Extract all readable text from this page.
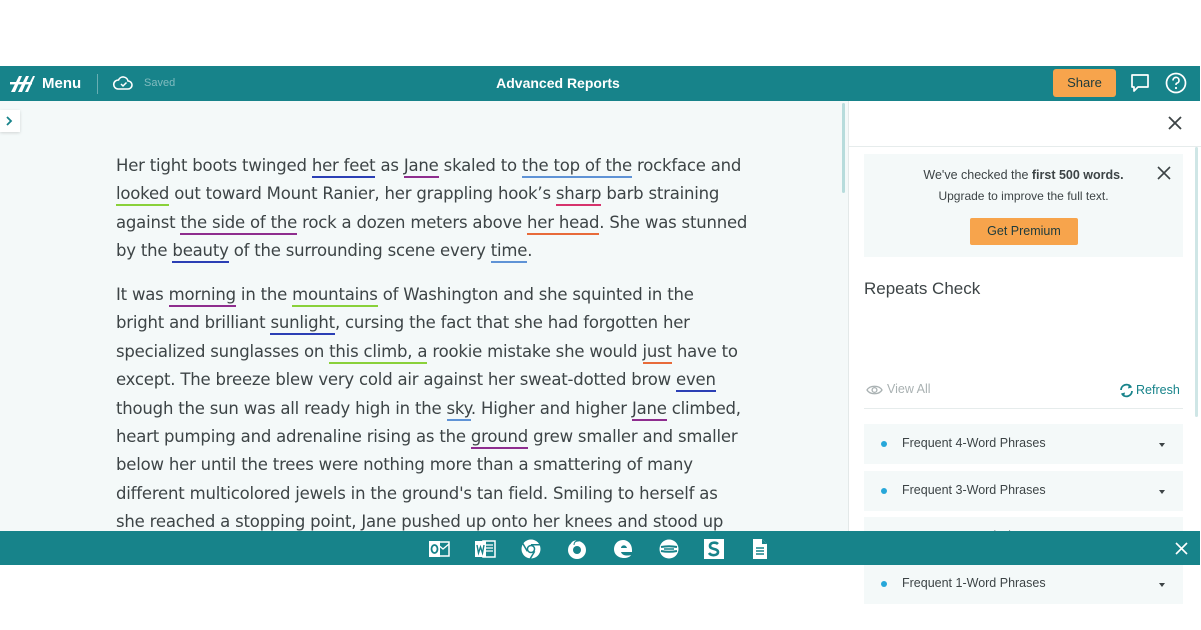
Menu	Saved	Advanced Reports	Share
Her tight boots twinged her feet as Jane skaled to the top of the rockface and
looked out toward Mount Ranier, her grappling hook’s sharp barb straining
against the side of the rock a dozen meters above her head. She was stunned
by the beauty of the surrounding scene every time.
It was morning in the mountains of Washington and she squinted in the
bright and brilliant sunlight, cursing the fact that she had forgotten her
specialized sunglasses on this climb, a rookie mistake she would just have to
except. The breeze blew very cold air against her sweat-dotted brow even
though the sun was all ready high in the sky. Higher and higher Jane climbed,
heart pumping and adrenaline rising as the ground grew smaller and smaller
below her until the trees were nothing more than a smattering of many
different multicolored jewels in the ground's tan field. Smiling to herself as
she reached a stopping point, Jane pushed up onto her knees and stood up
We've checked the first 500 words.
Upgrade to improve the full text.
Get Premium
Repeats Check
View All	Refresh
Frequent 4-Word Phrases
Frequent 3-Word Phrases
Frequent 1-Word Phrases
